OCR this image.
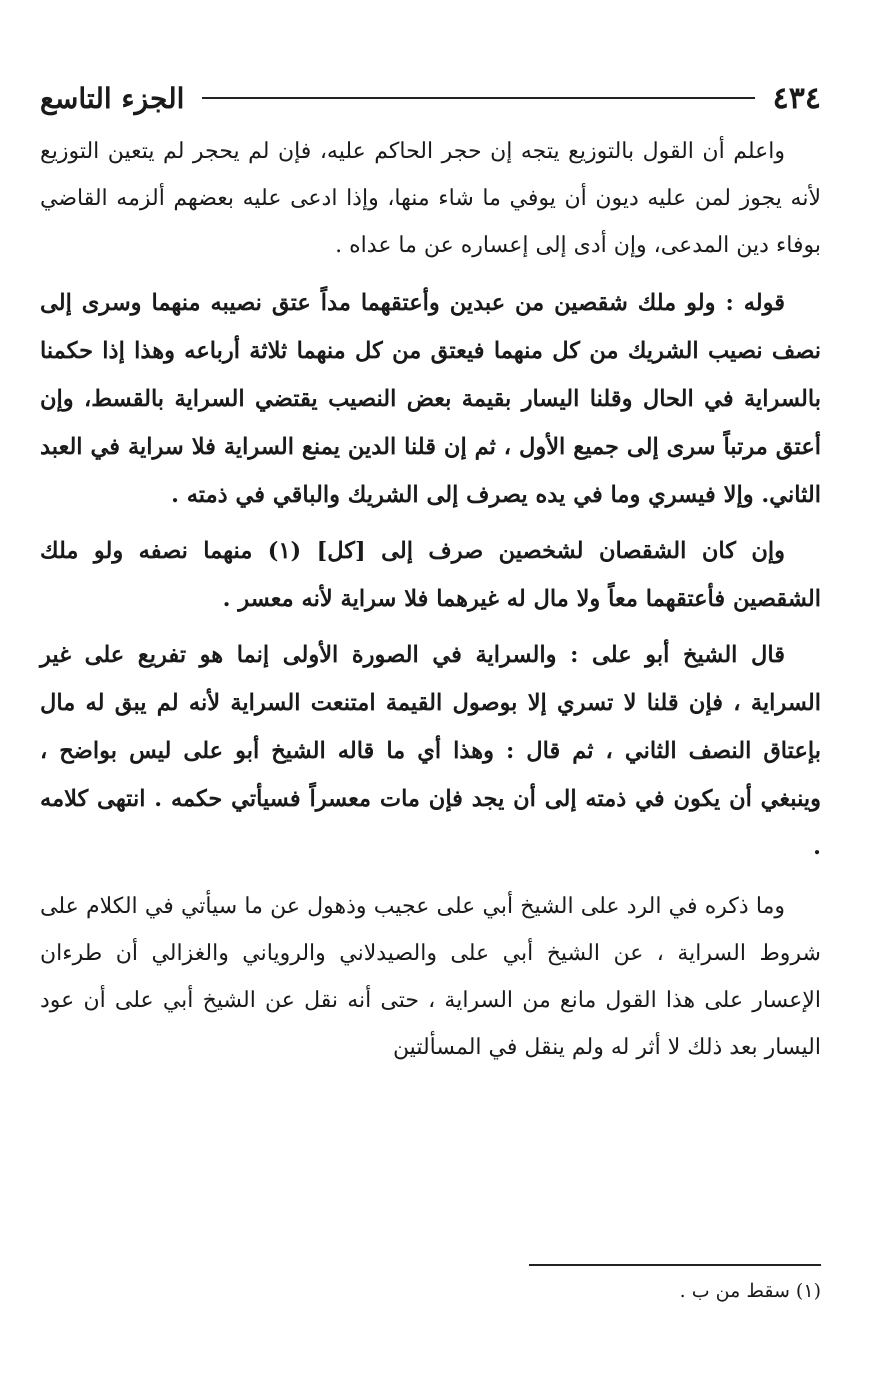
٤٣٤
الجزء التاسع

واعلم أن القول بالتوزيع يتجه إن حجر الحاكم عليه، فإن لم يحجر لم يتعين التوزيع لأنه يجوز لمن عليه ديون أن يوفي ما شاء منها، وإذا ادعى عليه بعضهم ألزمه القاضي بوفاء دين المدعى، وإن أدى إلى إعساره عن ما عداه .

قوله : ولو ملك شقصين من عبدين وأعتقهما مداً عتق نصيبه منهما وسرى إلى نصف نصيب الشريك من كل منهما فيعتق من كل منهما ثلاثة أرباعه وهذا إذا حكمنا بالسراية في الحال وقلنا اليسار بقيمة بعض النصيب يقتضي السراية بالقسط، وإن أعتق مرتباً سرى إلى جميع الأول ، ثم إن قلنا الدين يمنع السراية فلا سراية في العبد الثاني. وإلا فيسري وما في يده يصرف إلى الشريك والباقي في ذمته .

وإن كان الشقصان لشخصين صرف إلى [كل] (١) منهما نصفه ولو ملك الشقصين فأعتقهما معاً ولا مال له غيرهما فلا سراية لأنه معسر .

قال الشيخ أبو على : والسراية في الصورة الأولى إنما هو تفريع على غير السراية ، فإن قلنا لا تسري إلا بوصول القيمة امتنعت السراية لأنه لم يبق له مال بإعتاق النصف الثاني ، ثم قال : وهذا أي ما قاله الشيخ أبو على ليس بواضح ، وينبغي أن يكون في ذمته إلى أن يجد فإن مات معسراً فسيأتي حكمه . انتهى كلامه .

وما ذكره في الرد على الشيخ أبي على عجيب وذهول عن ما سيأتي في الكلام على شروط السراية ، عن الشيخ أبي على والصيدلاني والروياني والغزالي أن طرءان الإعسار على هذا القول مانع من السراية ، حتى أنه نقل عن الشيخ أبي على أن عود اليسار بعد ذلك لا أثر له ولم ينقل في المسألتين

(١) سقط من ب .
